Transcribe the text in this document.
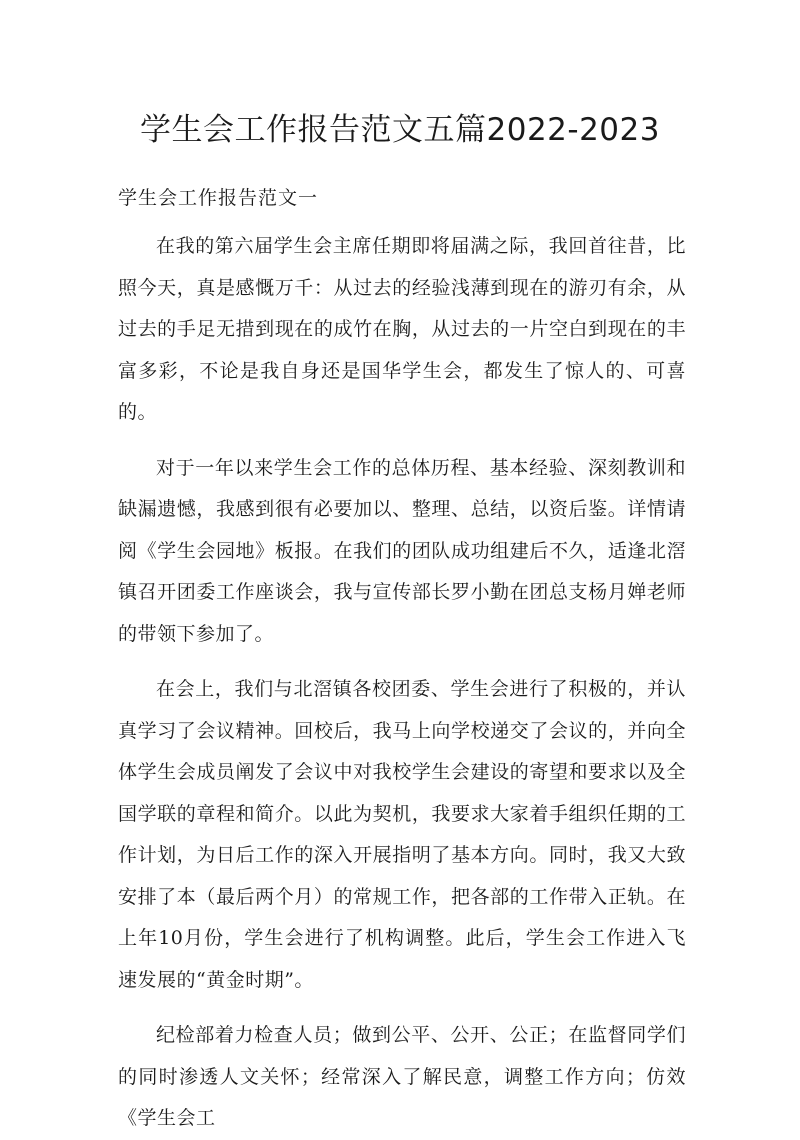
学生会工作报告范文五篇2022-2023
学生会工作报告范文一

在我的第六届学生会主席任期即将届满之际，我回首往昔，比照今天，真是感慨万千：从过去的经验浅薄到现在的游刃有余，从过去的手足无措到现在的成竹在胸，从过去的一片空白到现在的丰富多彩，不论是我自身还是国华学生会，都发生了惊人的、可喜的。

对于一年以来学生会工作的总体历程、基本经验、深刻教训和缺漏遗憾，我感到很有必要加以、整理、总结，以资后鉴。详情请阅《学生会园地》板报。在我们的团队成功组建后不久，适逢北滘镇召开团委工作座谈会，我与宣传部长罗小勤在团总支杨月婵老师的带领下参加了。

在会上，我们与北滘镇各校团委、学生会进行了积极的，并认真学习了会议精神。回校后，我马上向学校递交了会议的，并向全体学生会成员阐发了会议中对我校学生会建设的寄望和要求以及全国学联的章程和简介。以此为契机，我要求大家着手组织任期的工作计划，为日后工作的深入开展指明了基本方向。同时，我又大致安排了本（最后两个月）的常规工作，把各部的工作带入正轨。在上年10月份，学生会进行了机构调整。此后，学生会工作进入飞速发展的“黄金时期”。

纪检部着力检查人员；做到公平、公开、公正；在监督同学们的同时渗透人文关怀；经常深入了解民意，调整工作方向；仿效《学生会工
